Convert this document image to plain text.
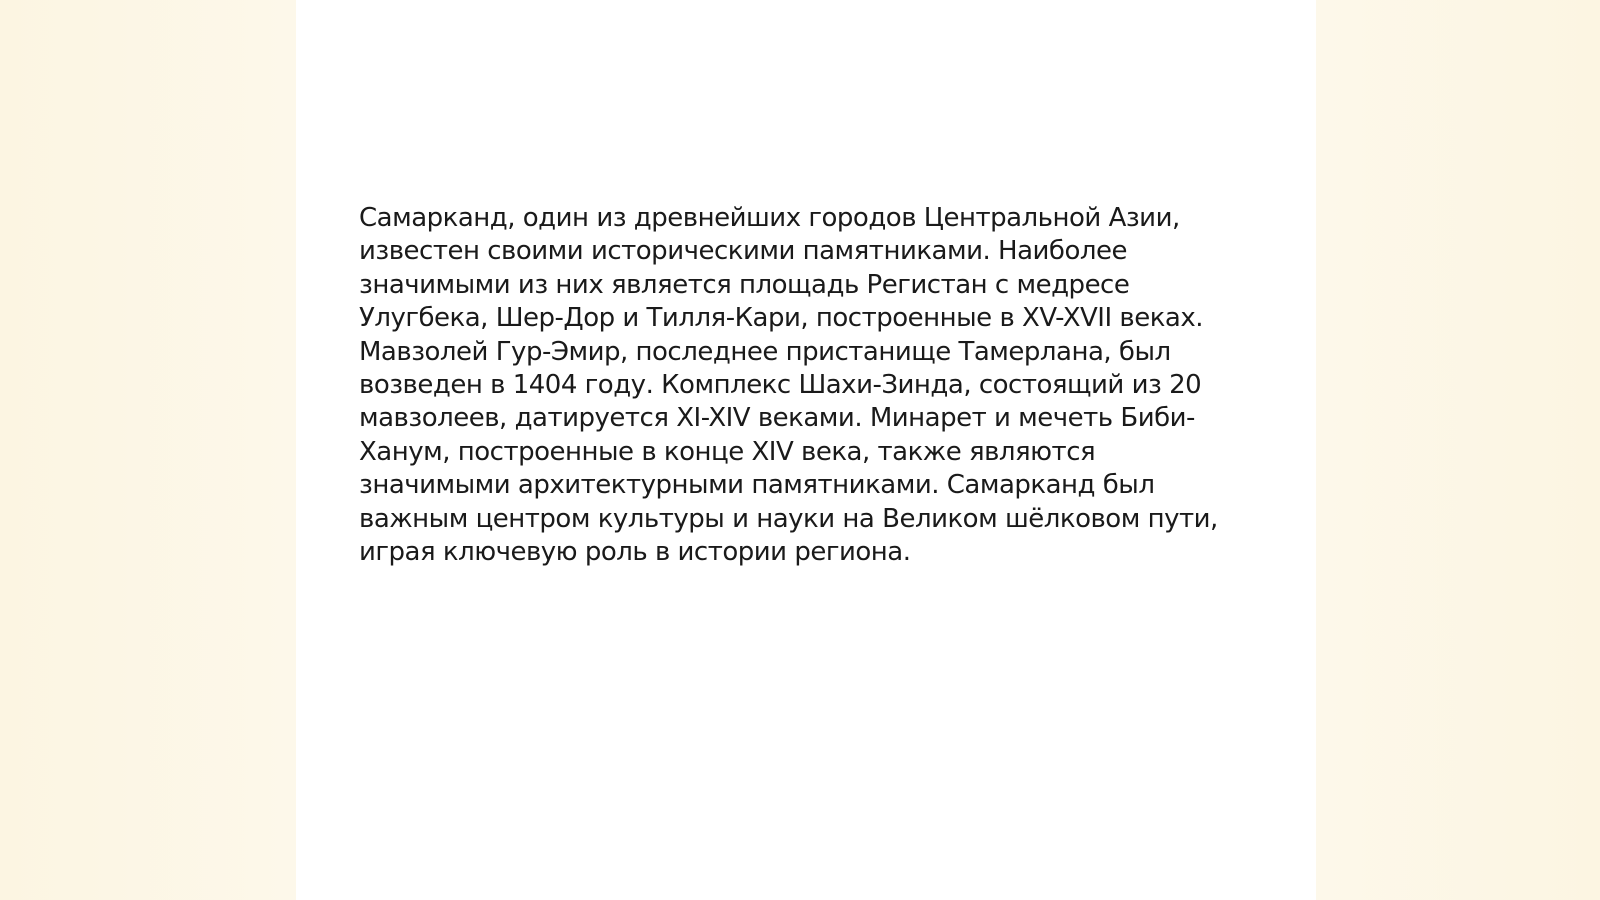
Самарканд, один из древнейших городов Центральной Азии,
известен своими историческими памятниками. Наиболее
значимыми из них является площадь Регистан с медресе
Улугбека, Шер-Дор и Тилля-Кари, построенные в XV-XVII веках.
Мавзолей Гур-Эмир, последнее пристанище Тамерлана, был
возведен в 1404 году. Комплекс Шахи-Зинда, состоящий из 20
мавзолеев, датируется XI-XIV веками. Минарет и мечеть Биби-
Ханум, построенные в конце XIV века, также являются
значимыми архитектурными памятниками. Самарканд был
важным центром культуры и науки на Великом шёлковом пути,
играя ключевую роль в истории региона.
